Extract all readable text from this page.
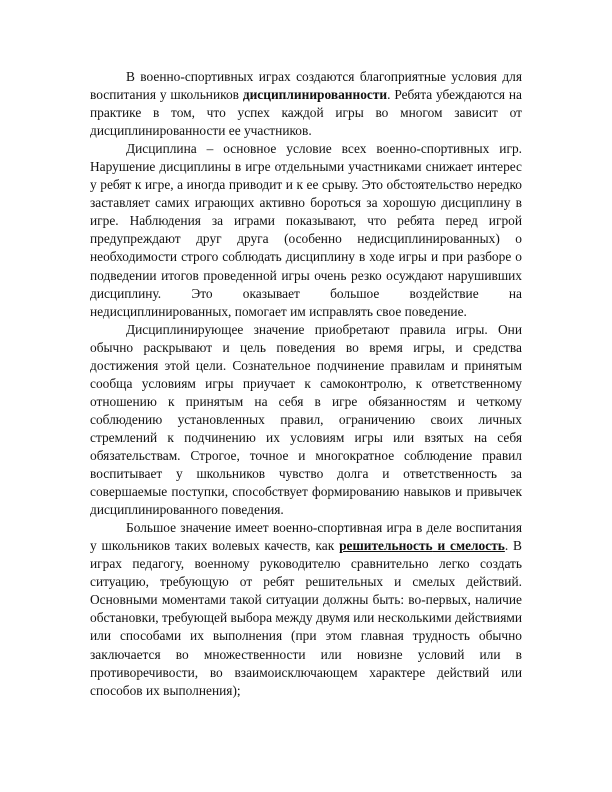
В военно-спортивных играх создаются благоприятные условия для воспитания у школьников дисциплинированности. Ребята убеждаются на практике в том, что успех каждой игры во многом зависит от дисциплинированности ее участников.

Дисциплина – основное условие всех военно-спортивных игр. Нарушение дисциплины в игре отдельными участниками снижает интерес у ребят к игре, а иногда приводит и к ее срыву. Это обстоятельство нередко заставляет самих играющих активно бороться за хорошую дисциплину в игре. Наблюдения за играми показывают, что ребята перед игрой предупреждают друг друга (особенно недисциплинированных) о необходимости строго соблюдать дисциплину в ходе игры и при разборе о подведении итогов проведенной игры очень резко осуждают нарушивших дисциплину. Это оказывает большое воздействие на недисциплинированных, помогает им исправлять свое поведение.

Дисциплинирующее значение приобретают правила игры. Они обычно раскрывают и цель поведения во время игры, и средства достижения этой цели. Сознательное подчинение правилам и принятым сообща условиям игры приучает к самоконтролю, к ответственному отношению к принятым на себя в игре обязанностям и четкому соблюдению установленных правил, ограничению своих личных стремлений к подчинению их условиям игры или взятых на себя обязательствам. Строгое, точное и многократное соблюдение правил воспитывает у школьников чувство долга и ответственность за совершаемые поступки, способствует формированию навыков и привычек дисциплинированного поведения.

Большое значение имеет военно-спортивная игра в деле воспитания у школьников таких волевых качеств, как решительность и смелость. В играх педагогу, военному руководителю сравнительно легко создать ситуацию, требующую от ребят решительных и смелых действий. Основными моментами такой ситуации должны быть: во-первых, наличие обстановки, требующей выбора между двумя или несколькими действиями или способами их выполнения (при этом главная трудность обычно заключается во множественности или новизне условий или в противоречивости, во взаимоисключающем характере действий или способов их выполнения);
